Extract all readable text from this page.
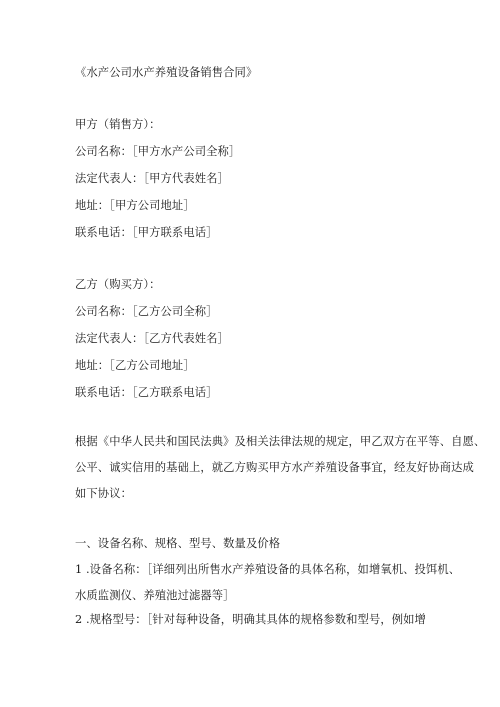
《水产公司水产养殖设备销售合同》
甲方（销售方）：
公司名称：［甲方水产公司全称］
法定代表人：［甲方代表姓名］
地址：［甲方公司地址］
联系电话：［甲方联系电话］
乙方（购买方）：
公司名称：［乙方公司全称］
法定代表人：［乙方代表姓名］
地址：［乙方公司地址］
联系电话：［乙方联系电话］
根据《中华人民共和国民法典》及相关法律法规的规定，甲乙双方在平等、自愿、
公平、诚实信用的基础上，就乙方购买甲方水产养殖设备事宜，经友好协商达成
如下协议：
一、设备名称、规格、型号、数量及价格
1 .设备名称：［详细列出所售水产养殖设备的具体名称，如增氧机、投饵机、
水质监测仪、养殖池过滤器等］
2 .规格型号：［针对每种设备，明确其具体的规格参数和型号，例如增
